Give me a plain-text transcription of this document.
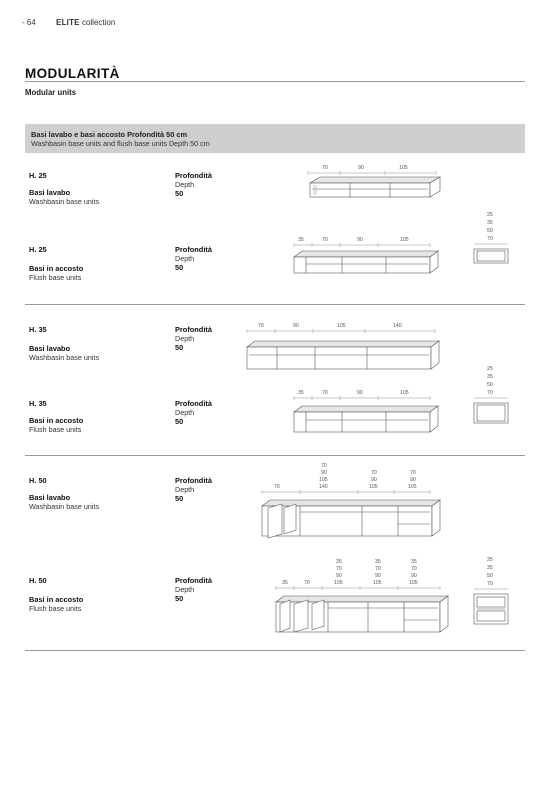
- 64	ELITE collection
MODULARITÀ
Modular units
Basi lavabo e basi accosto Profondità 50 cm
Washbasin base units and flush base units Depth 50 cm
H. 25
Basi lavabo
Washbasin base units
Profondità
Depth
50
70	90	105
H. 25
Basi in accosto
Flush base units
Profondità
Depth
50
35	70	90	105
25
35
50
70
H. 35
Basi lavabo
Washbasin base units
Profondità
Depth
50
70	90	105	140
H. 35
Basi in accosto
Flush base units
Profondità
Depth
50
35	70	90	105
25
35
50
70
H. 50
Basi lavabo
Washbasin base units
Profondità
Depth
50
70
90
105
140
70
90
105
70
90
105
70
H. 50
Basi in accosto
Flush base units
Profondità
Depth
50
35
70
90
105
35
70
90
105
35
70
90
105
35	70
25
35
50
70
